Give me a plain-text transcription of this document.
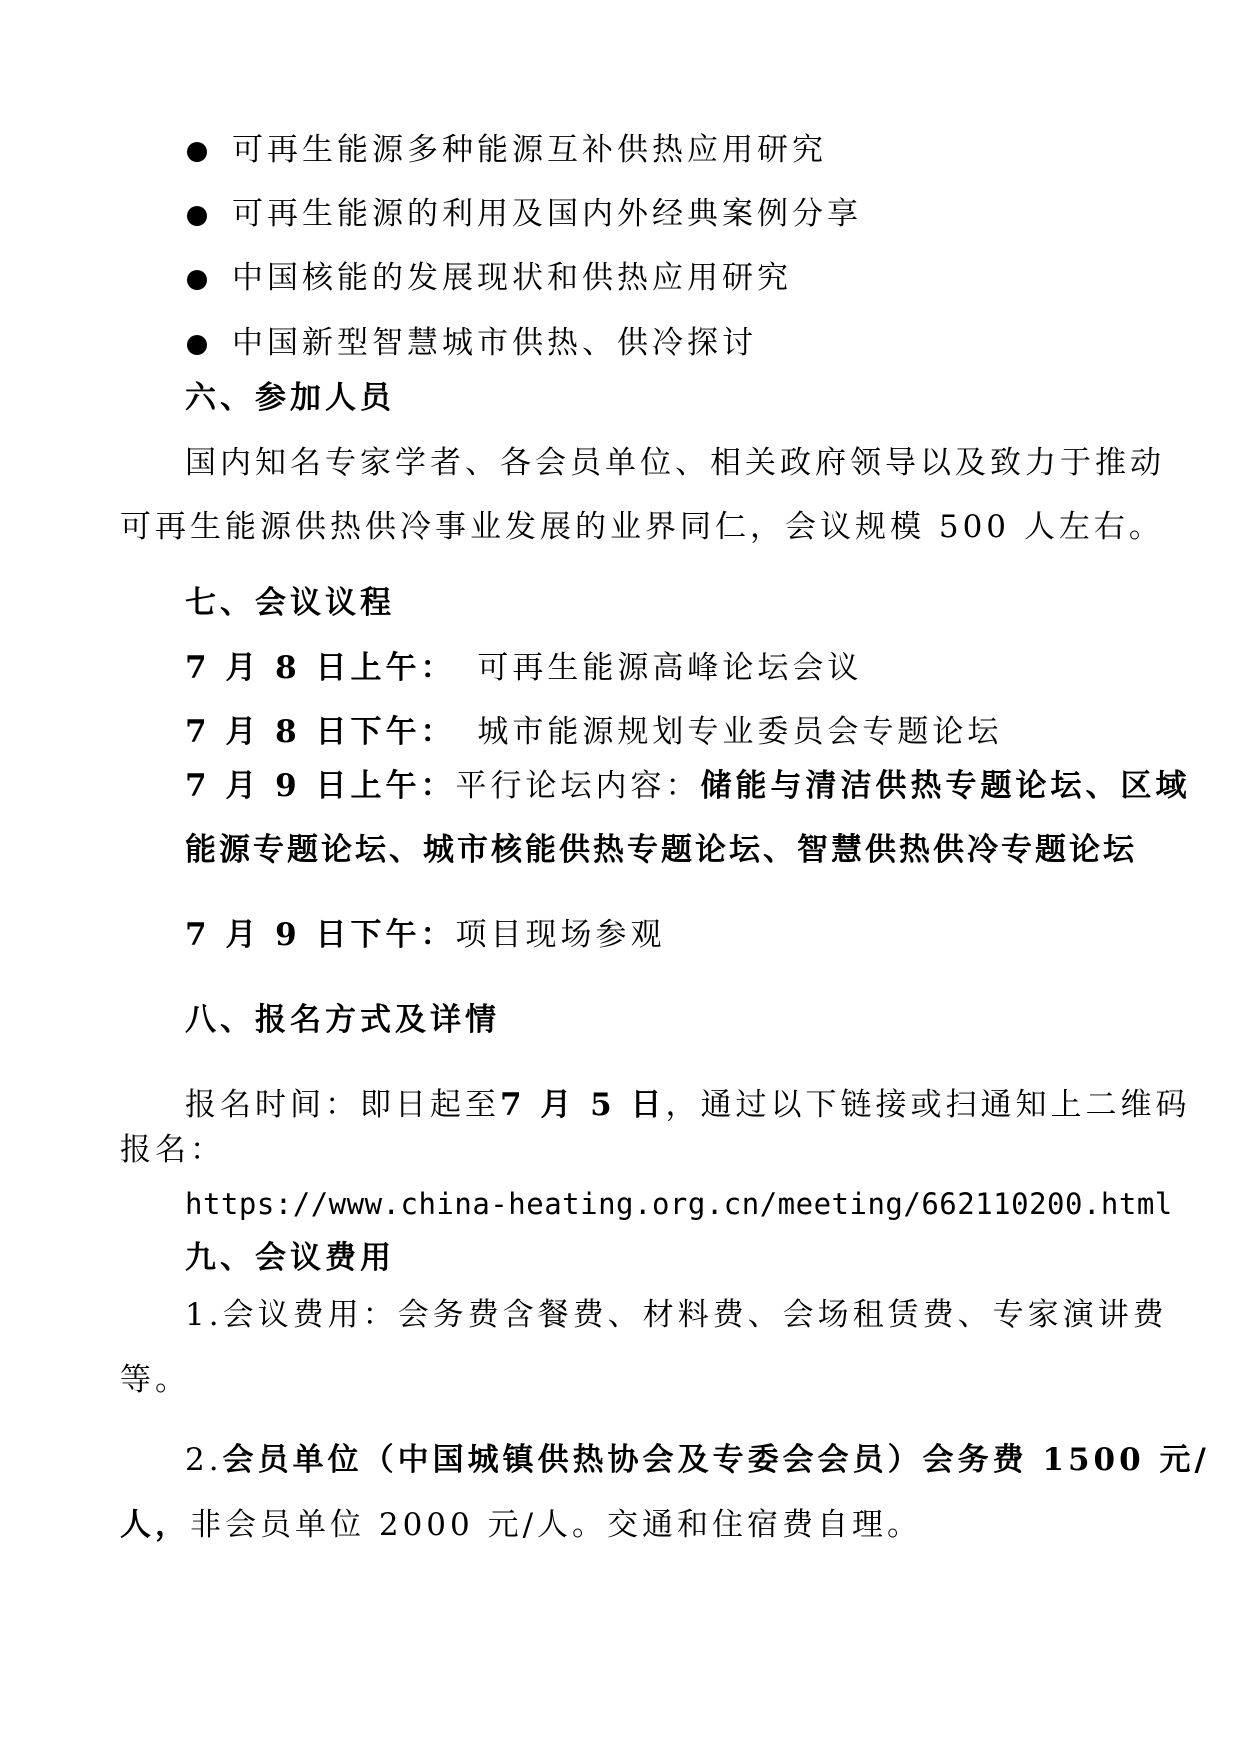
可再生能源多种能源互补供热应用研究
可再生能源的利用及国内外经典案例分享
中国核能的发展现状和供热应用研究
中国新型智慧城市供热、供冷探讨
六、参加人员
国内知名专家学者、各会员单位、相关政府领导以及致力于推动
可再生能源供热供冷事业发展的业界同仁，会议规模 500 人左右。
七、会议议程
7 月 8 日上午： 可再生能源高峰论坛会议
7 月 8 日下午： 城市能源规划专业委员会专题论坛
7 月 9 日上午：平行论坛内容：储能与清洁供热专题论坛、区域
能源专题论坛、城市核能供热专题论坛、智慧供热供冷专题论坛
7 月 9 日下午：项目现场参观
八、报名方式及详情
报名时间：即日起至7 月 5 日，通过以下链接或扫通知上二维码
报名：
https://www.china-heating.org.cn/meeting/662110200.html
九、会议费用
1.会议费用：会务费含餐费、材料费、会场租赁费、专家演讲费
等。
2.会员单位（中国城镇供热协会及专委会会员）会务费 1500 元/
人，非会员单位 2000 元/人。交通和住宿费自理。
